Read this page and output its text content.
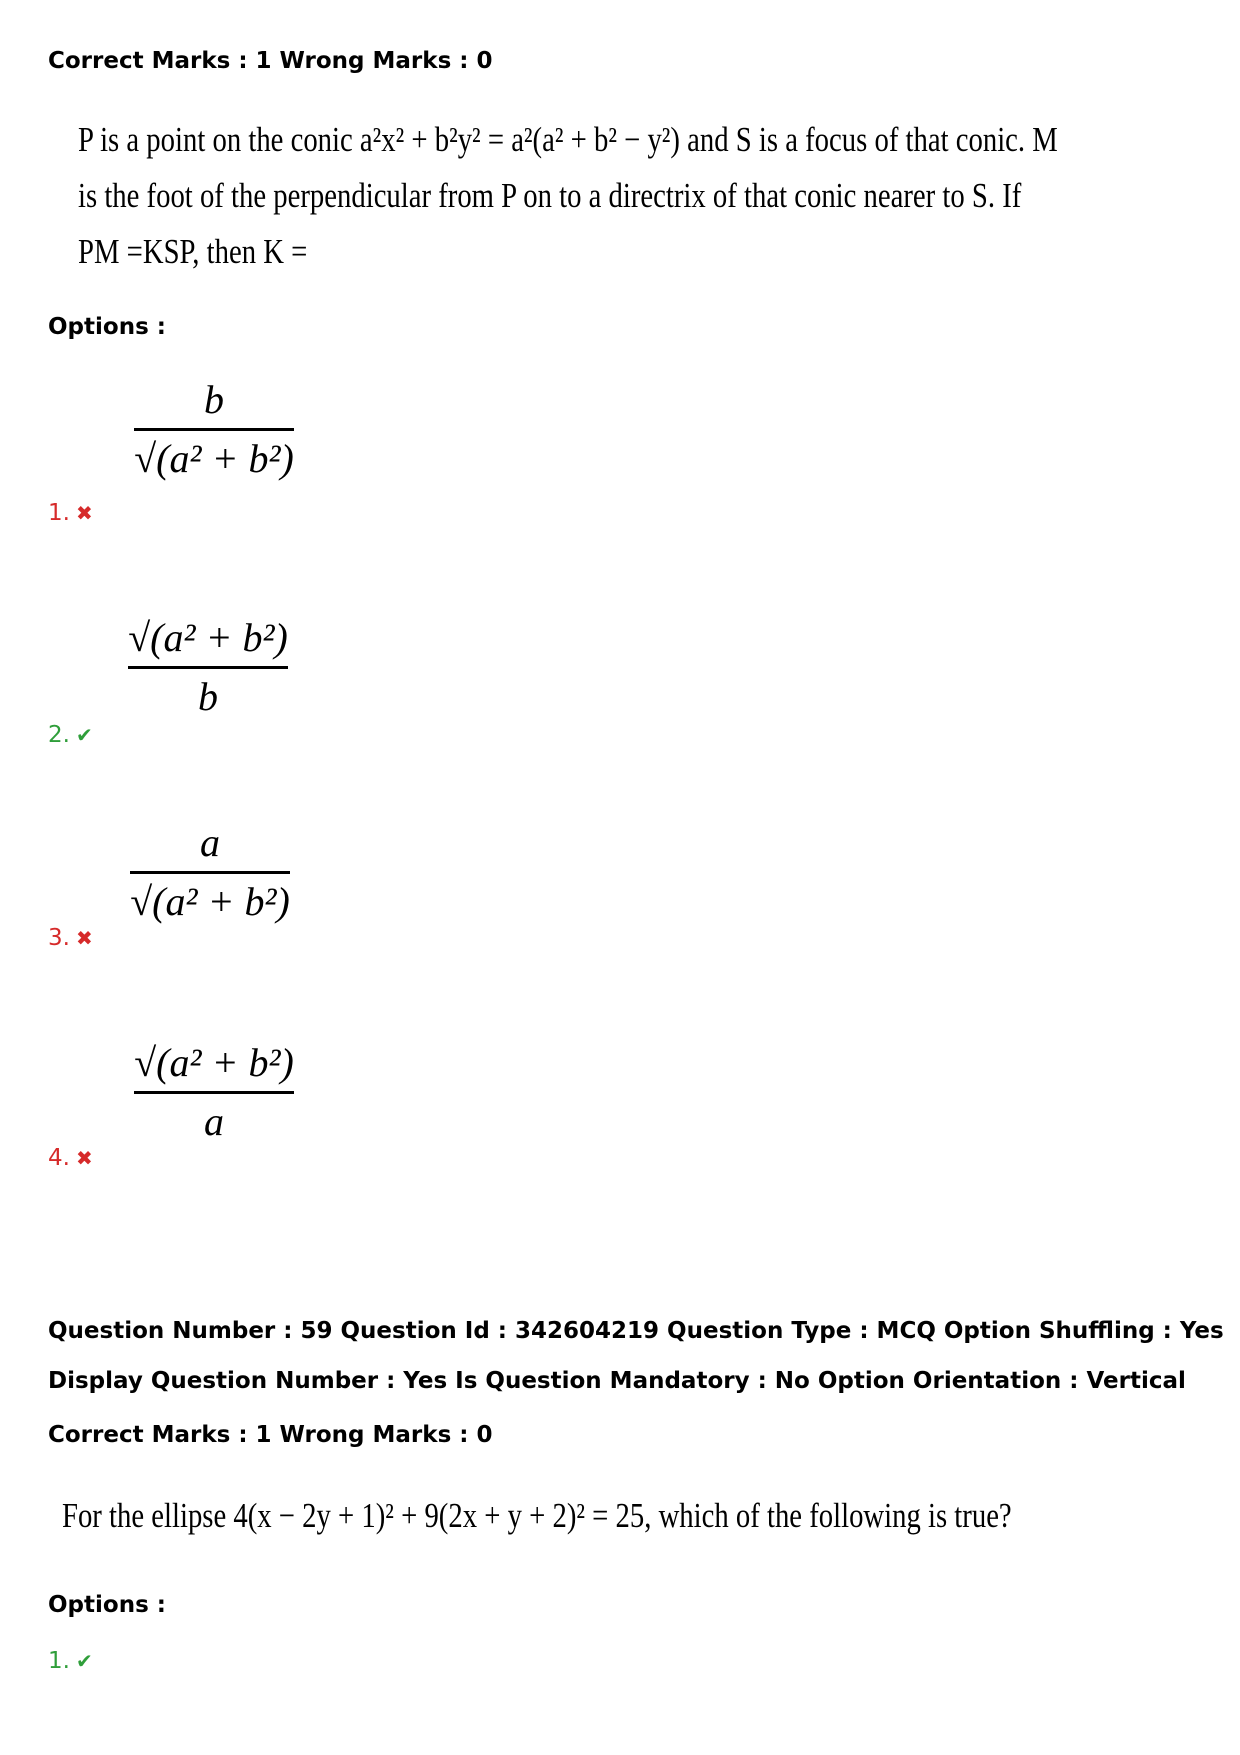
Correct Marks : 1 Wrong Marks : 0
P is a point on the conic a²x² + b²y² = a²(a² + b² − y²) and S is a focus of that conic. M
is the foot of the perpendicular from P on to a directrix of that conic nearer to S. If
PM =KSP, then K =
Options :
b
√(a² + b²)
1. ✖
√(a² + b²)
b
2. ✔
a
√(a² + b²)
3. ✖
√(a² + b²)
a
4. ✖
Question Number : 59 Question Id : 342604219 Question Type : MCQ Option Shuffling : Yes
Display Question Number : Yes Is Question Mandatory : No Option Orientation : Vertical
Correct Marks : 1 Wrong Marks : 0
For the ellipse 4(x − 2y + 1)² + 9(2x + y + 2)² = 25, which of the following is true?
Options :
1. ✔
